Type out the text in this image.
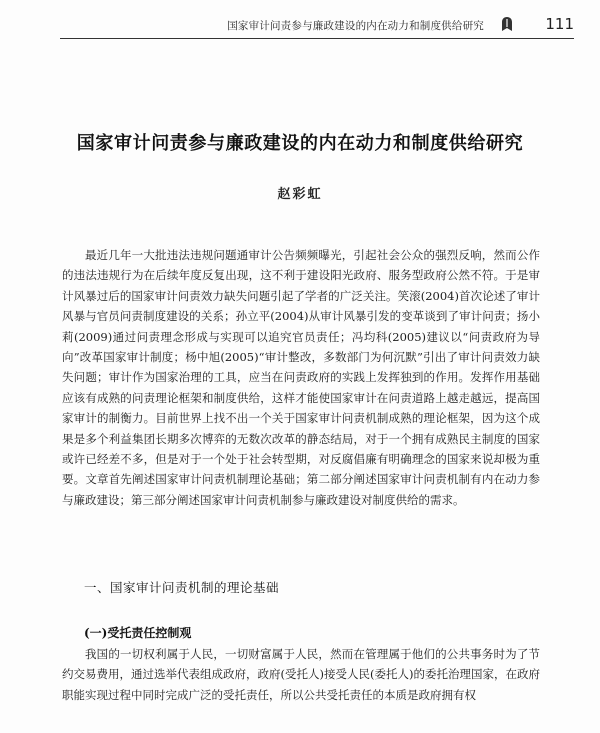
国家审计问责参与廉政建设的内在动力和制度供给研究	111
国家审计问责参与廉政建设的内在动力和制度供给研究
赵彩虹

最近几年一大批违法违规问题通审计公告频频曝光，引起社会公众的强烈反响，然而公作的违法违规行为在后续年度反复出现，这不利于建设阳光政府、服务型政府公然不符。于是审计风暴过后的国家审计问责效力缺失问题引起了学者的广泛关注。笑滚(2004)首次论述了审计风暴与官员问责制度建设的关系；孙立平(2004)从审计风暴引发的变革谈到了审计问责；扬小莉(2009)通过问责理念形成与实现可以追究官员责任；冯均科(2005)建议以“问责政府为导向”改革国家审计制度；杨中旭(2005)“审计整改，多数部门为何沉默”引出了审计问责效力缺失问题；审计作为国家治理的工具，应当在问责政府的实践上发挥独到的作用。发挥作用基础应该有成熟的问责理论框架和制度供给，这样才能使国家审计在问责道路上越走越远，提高国家审计的制衡力。目前世界上找不出一个关于国家审计问责机制成熟的理论框架，因为这个成果是多个利益集团长期多次博弈的无数次改革的静态结局，对于一个拥有成熟民主制度的国家或许已经差不多，但是对于一个处于社会转型期，对反腐倡廉有明确理念的国家来说却极为重要。文章首先阐述国家审计问责机制理论基础；第二部分阐述国家审计问责机制有内在动力参与廉政建设；第三部分阐述国家审计问责机制参与廉政建设对制度供给的需求。

一、国家审计问责机制的理论基础
(一)受托责任控制观

我国的一切权利属于人民，一切财富属于人民，然而在管理属于他们的公共事务时为了节约交易费用，通过选举代表组成政府，政府(受托人)接受人民(委托人)的委托治理国家，在政府职能实现过程中同时完成广泛的受托责任，所以公共受托责任的本质是政府拥有权
